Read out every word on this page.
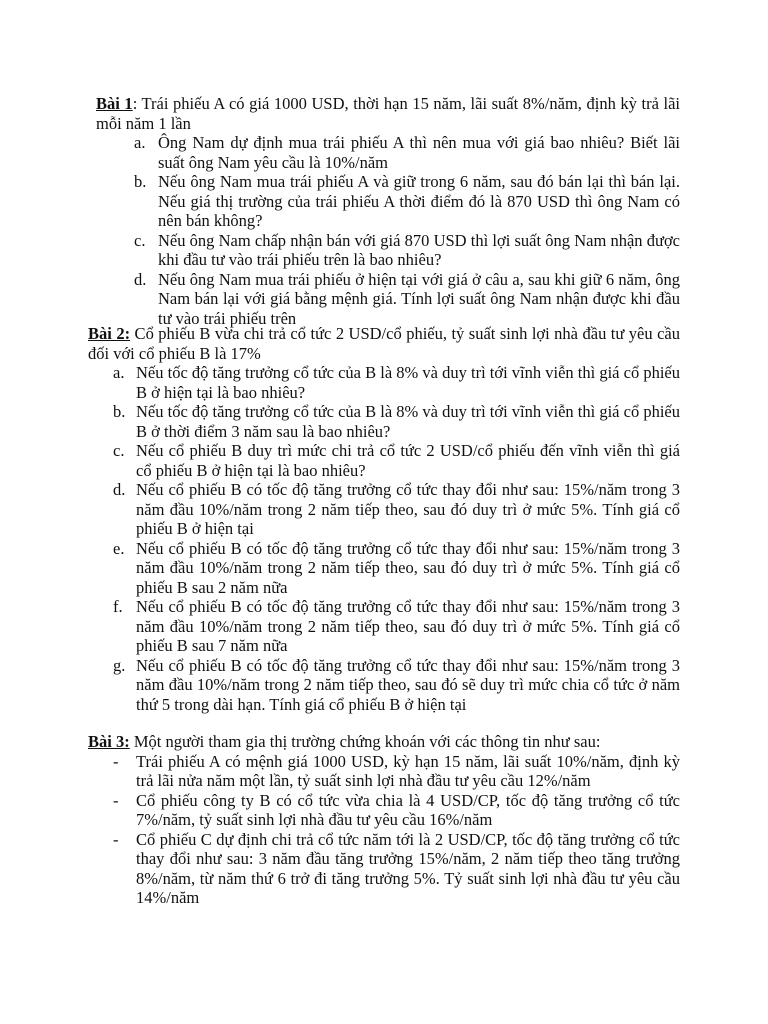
Bài 1: Trái phiếu A có giá 1000 USD, thời hạn 15 năm, lãi suất 8%/năm, định kỳ trả lãi mỗi năm 1 lần
a. Ông Nam dự định mua trái phiếu A thì nên mua với giá bao nhiêu? Biết lãi suất ông Nam yêu cầu là 10%/năm
b. Nếu ông Nam mua trái phiếu A và giữ trong 6 năm, sau đó bán lại thì bán lại. Nếu giá thị trường của trái phiếu A thời điểm đó là 870 USD thì ông Nam có nên bán không?
c. Nếu ông Nam chấp nhận bán với giá 870 USD thì lợi suất ông Nam nhận được khi đầu tư vào trái phiếu trên là bao nhiêu?
d. Nếu ông Nam mua trái phiếu ở hiện tại với giá ở câu a, sau khi giữ 6 năm, ông Nam bán lại với giá bằng mệnh giá. Tính lợi suất ông Nam nhận được khi đầu tư vào trái phiếu trên
Bài 2: Cổ phiếu B vừa chi trả cổ tức 2 USD/cổ phiếu, tỷ suất sinh lợi nhà đầu tư yêu cầu đối với cổ phiếu B là 17%
a. Nếu tốc độ tăng trưởng cổ tức của B là 8% và duy trì tới vĩnh viễn thì giá cổ phiếu B ở hiện tại là bao nhiêu?
b. Nếu tốc độ tăng trưởng cổ tức của B là 8% và duy trì tới vĩnh viễn thì giá cổ phiếu B ở thời điểm 3 năm sau là bao nhiêu?
c. Nếu cổ phiếu B duy trì mức chi trả cổ tức 2 USD/cổ phiếu đến vĩnh viễn thì giá cổ phiếu B ở hiện tại là bao nhiêu?
d. Nếu cổ phiếu B có tốc độ tăng trưởng cổ tức thay đổi như sau: 15%/năm trong 3 năm đầu 10%/năm trong 2 năm tiếp theo, sau đó duy trì ở mức 5%. Tính giá cổ phiếu B ở hiện tại
e. Nếu cổ phiếu B có tốc độ tăng trưởng cổ tức thay đổi như sau: 15%/năm trong 3 năm đầu 10%/năm trong 2 năm tiếp theo, sau đó duy trì ở mức 5%. Tính giá cổ phiếu B sau 2 năm nữa
f. Nếu cổ phiếu B có tốc độ tăng trưởng cổ tức thay đổi như sau: 15%/năm trong 3 năm đầu 10%/năm trong 2 năm tiếp theo, sau đó duy trì ở mức 5%. Tính giá cổ phiếu B sau 7 năm nữa
g. Nếu cổ phiếu B có tốc độ tăng trưởng cổ tức thay đổi như sau: 15%/năm trong 3 năm đầu 10%/năm trong 2 năm tiếp theo, sau đó sẽ duy trì mức chia cổ tức ở năm thứ 5 trong dài hạn. Tính giá cổ phiếu B ở hiện tại
Bài 3: Một người tham gia thị trường chứng khoán với các thông tin như sau:
- Trái phiếu A có mệnh giá 1000 USD, kỳ hạn 15 năm, lãi suất 10%/năm, định kỳ trả lãi nửa năm một lần, tỷ suất sinh lợi nhà đầu tư yêu cầu 12%/năm
- Cổ phiếu công ty B có cổ tức vừa chia là 4 USD/CP, tốc độ tăng trưởng cổ tức 7%/năm, tỷ suất sinh lợi nhà đầu tư yêu cầu 16%/năm
- Cổ phiếu C dự định chi trả cổ tức năm tới là 2 USD/CP, tốc độ tăng trưởng cổ tức thay đổi như sau: 3 năm đầu tăng trưởng 15%/năm, 2 năm tiếp theo tăng trưởng 8%/năm, từ năm thứ 6 trở đi tăng trưởng 5%. Tỷ suất sinh lợi nhà đầu tư yêu cầu 14%/năm
